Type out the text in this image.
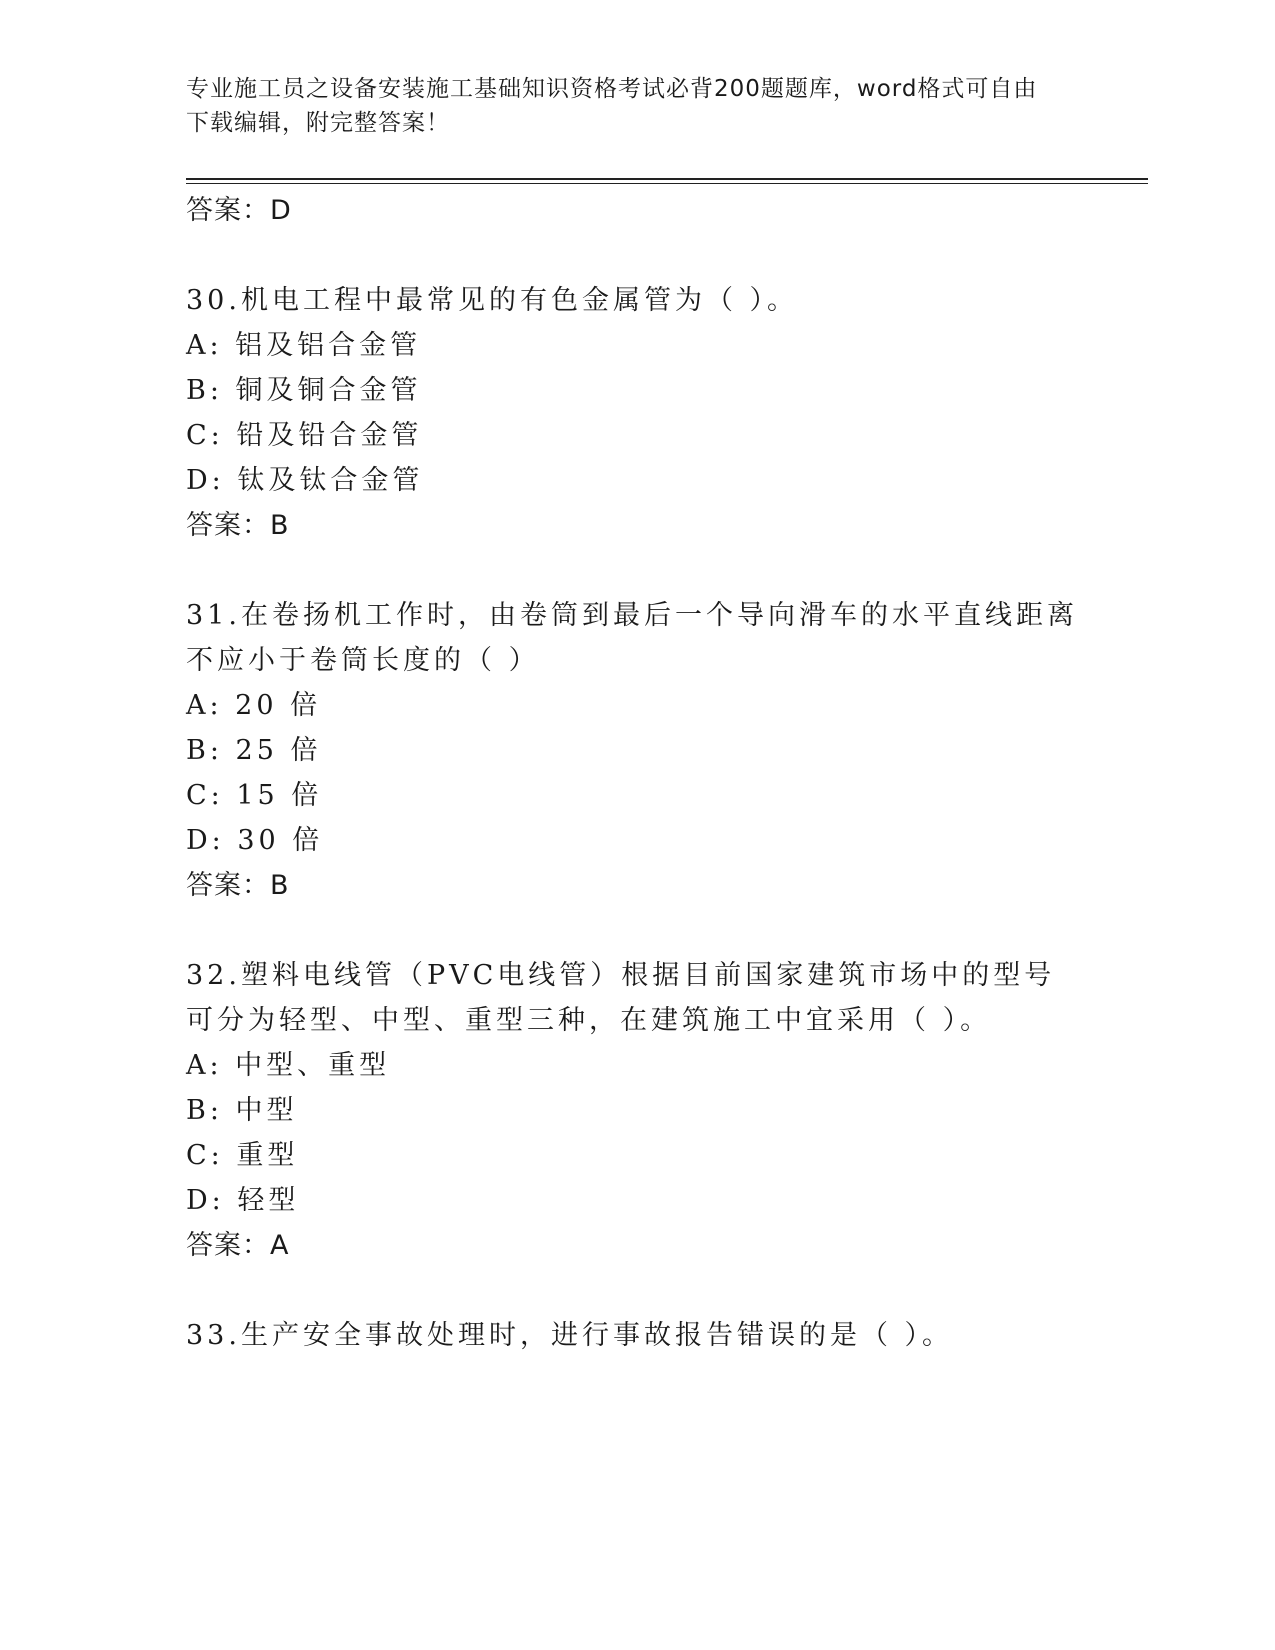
专业施工员之设备安装施工基础知识资格考试必背200题题库，word格式可自由
下载编辑，附完整答案！
答案：D
30.机电工程中最常见的有色金属管为（ ）。
A: 铝及铝合金管
B: 铜及铜合金管
C: 铅及铅合金管
D: 钛及钛合金管
答案：B
31.在卷扬机工作时，由卷筒到最后一个导向滑车的水平直线距离不应小于卷筒长度的（ ）
A: 20 倍
B: 25 倍
C: 15 倍
D: 30 倍
答案：B
32.塑料电线管（PVC电线管）根据目前国家建筑市场中的型号可分为轻型、中型、重型三种，在建筑施工中宜采用（ ）。
A: 中型、重型
B: 中型
C: 重型
D: 轻型
答案：A
33.生产安全事故处理时，进行事故报告错误的是（ ）。
